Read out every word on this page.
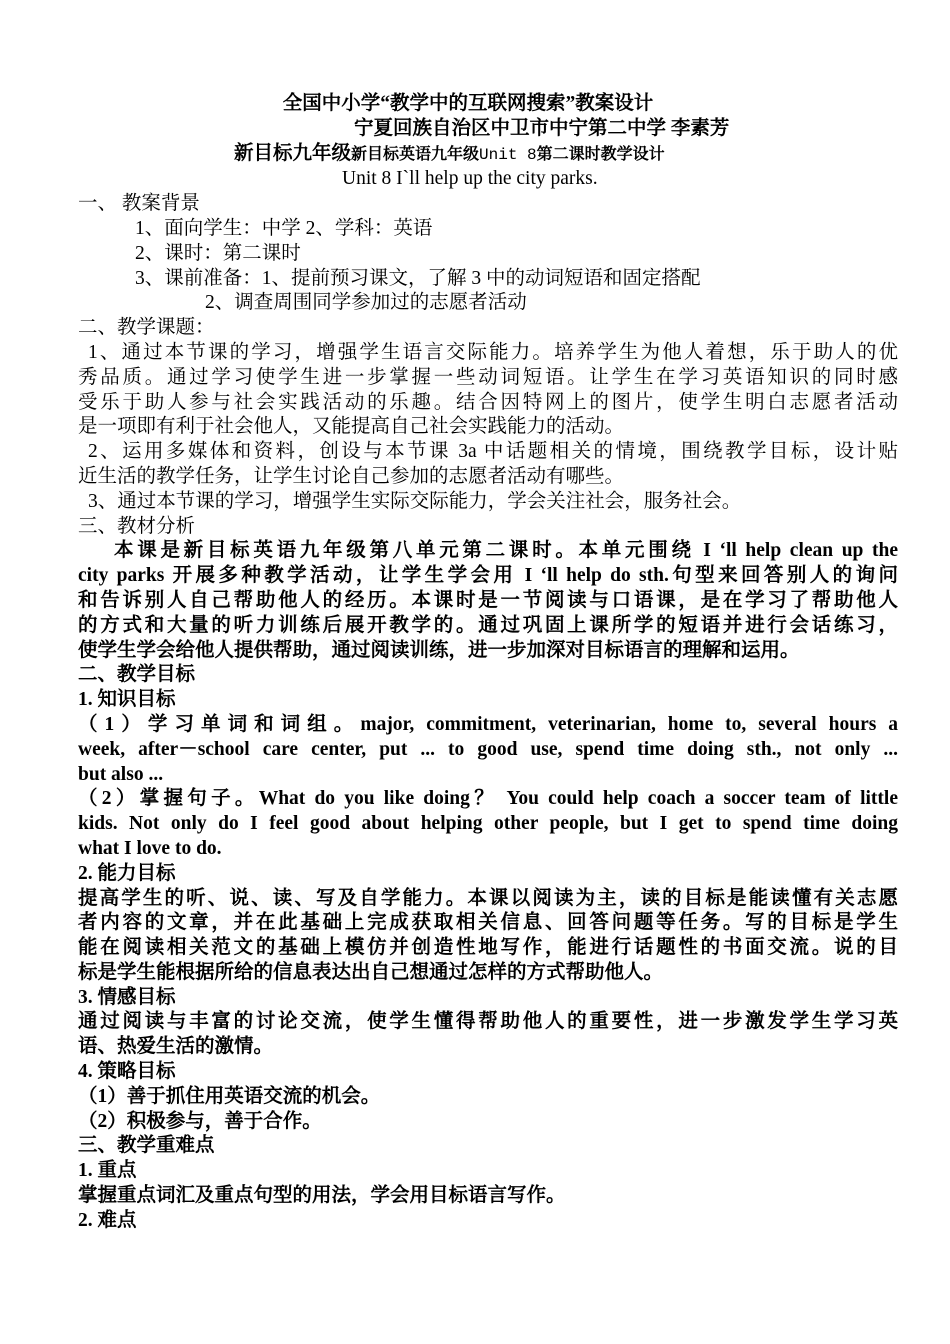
全国中小学“教学中的互联网搜索”教案设计
宁夏回族自治区中卫市中宁第二中学 李素芳
新目标九年级新目标英语九年级Unit 8第二课时教学设计
Unit 8 I`ll help up the city parks.
一、 教案背景
1、面向学生：中学 2、学科：英语
2、课时：第二课时
3、课前准备：1、提前预习课文，了解 3 中的动词短语和固定搭配
2、调查周围同学参加过的志愿者活动
二、教学课题：
1、通过本节课的学习，增强学生语言交际能力。培养学生为他人着想，乐于助人的优
秀品质。通过学习使学生进一步掌握一些动词短语。让学生在学习英语知识的同时感
受乐于助人参与社会实践活动的乐趣。结合因特网上的图片，使学生明白志愿者活动
是一项即有利于社会他人，又能提高自己社会实践能力的活动。
2、运用多媒体和资料，创设与本节课 3a 中话题相关的情境，围绕教学目标，设计贴
近生活的教学任务，让学生讨论自己参加的志愿者活动有哪些。
3、通过本节课的学习，增强学生实际交际能力，学会关注社会，服务社会。
三、教材分析
本课是新目标英语九年级第八单元第二课时。本单元围绕 I ‘ll help clean up the
city parks 开展多种教学活动，让学生学会用 I ‘ll help do sth.句型来回答别人的询问
和告诉别人自己帮助他人的经历。本课时是一节阅读与口语课，是在学习了帮助他人
的方式和大量的听力训练后展开教学的。通过巩固上课所学的短语并进行会话练习，
使学生学会给他人提供帮助，通过阅读训练，进一步加深对目标语言的理解和运用。
二、教学目标
1. 知识目标
（1）学习单词和词组。major, commitment, veterinarian, home to, several hours a
week, after－school care center, put ... to good use, spend time doing sth., not only ...
but also ...
（2）掌握句子。What do you like doing？ You could help coach a soccer team of little
kids. Not only do I feel good about helping other people, but I get to spend time doing
what I love to do.
2. 能力目标
提高学生的听、说、读、写及自学能力。本课以阅读为主，读的目标是能读懂有关志愿
者内容的文章，并在此基础上完成获取相关信息、回答问题等任务。写的目标是学生
能在阅读相关范文的基础上模仿并创造性地写作，能进行话题性的书面交流。说的目
标是学生能根据所给的信息表达出自己想通过怎样的方式帮助他人。
3. 情感目标
通过阅读与丰富的讨论交流，使学生懂得帮助他人的重要性，进一步激发学生学习英
语、热爱生活的激情。
4. 策略目标
（1）善于抓住用英语交流的机会。
（2）积极参与，善于合作。
三、教学重难点
1. 重点
掌握重点词汇及重点句型的用法，学会用目标语言写作。
2. 难点
